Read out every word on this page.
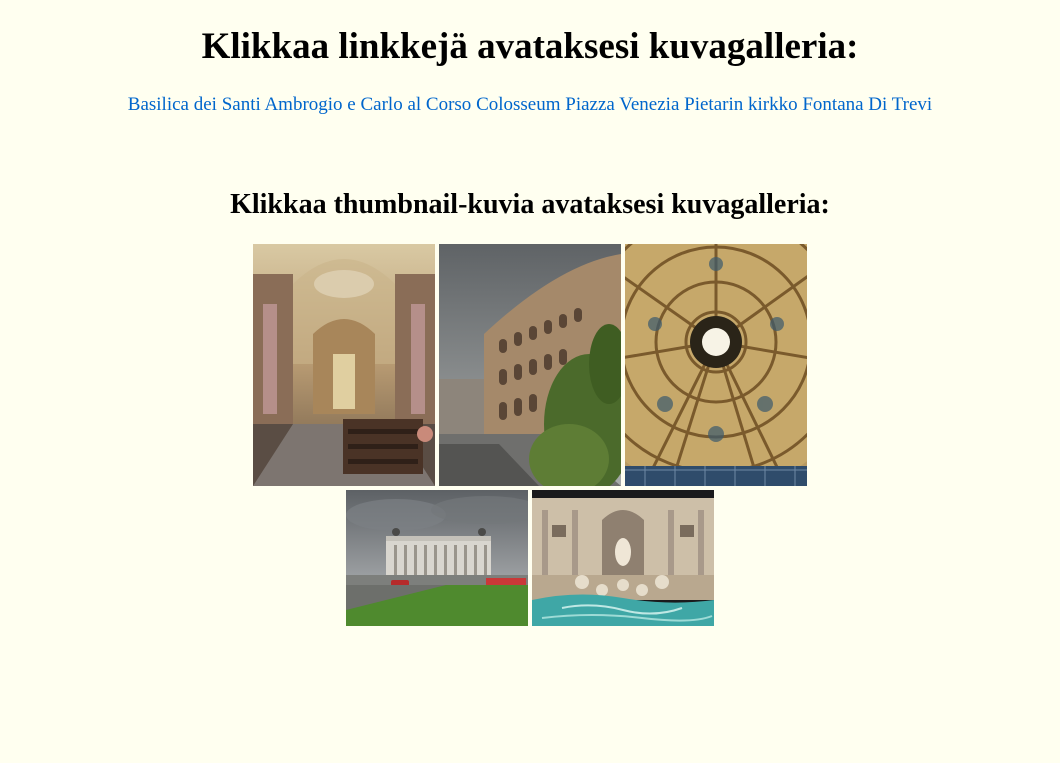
Klikkaa linkkejä avataksesi kuvagalleria:
Basilica dei Santi Ambrogio e Carlo al Corso Colosseum Piazza Venezia Pietarin kirkko Fontana Di Trevi
Klikkaa thumbnail-kuvia avataksesi kuvagalleria:
